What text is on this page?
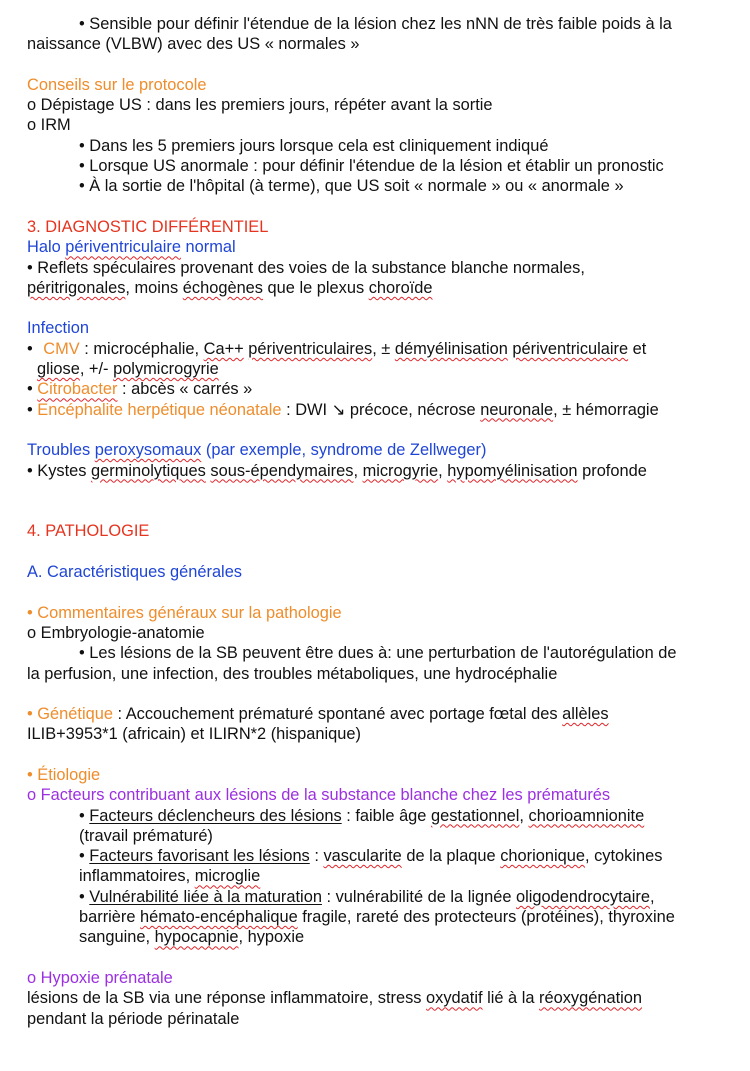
• Sensible pour définir l'étendue de la lésion chez les nNN de très faible poids à la
naissance (VLBW) avec des US « normales »
Conseils sur le protocole
o Dépistage US : dans les premiers jours, répéter avant la sortie
o IRM
• Dans les 5 premiers jours lorsque cela est cliniquement indiqué
• Lorsque US anormale : pour définir l'étendue de la lésion et établir un pronostic
• À la sortie de l'hôpital (à terme), que US soit « normale » ou « anormale »
3. DIAGNOSTIC DIFFÉRENTIEL
Halo périventriculaire normal
• Reflets spéculaires provenant des voies de la substance blanche normales,
péritrigonales, moins échogènes que le plexus choroïde
Infection
• CMV : microcéphalie, Ca++ périventriculaires, ± démyélinisation périventriculaire et
gliose, +/- polymicrogyrie
• Citrobacter : abcès « carrés »
• Encéphalite herpétique néonatale : DWI ↘ précoce, nécrose neuronale, ± hémorragie
Troubles peroxysomaux (par exemple, syndrome de Zellweger)
• Kystes germinolytiques sous-épendymaires, microgyrie, hypomyélinisation profonde
4. PATHOLOGIE
A. Caractéristiques générales
• Commentaires généraux sur la pathologie
o Embryologie-anatomie
• Les lésions de la SB peuvent être dues à: une perturbation de l'autorégulation de
la perfusion, une infection, des troubles métaboliques, une hydrocéphalie
• Génétique : Accouchement prématuré spontané avec portage fœtal des allèles
ILIB+3953*1 (africain) et ILIRN*2 (hispanique)
• Étiologie
o Facteurs contribuant aux lésions de la substance blanche chez les prématurés
• Facteurs déclencheurs des lésions : faible âge gestationnel, chorioamnionite
(travail prématuré)
• Facteurs favorisant les lésions : vascularite de la plaque chorionique, cytokines
inflammatoires, microglie
• Vulnérabilité liée à la maturation : vulnérabilité de la lignée oligodendrocytaire,
barrière hémato-encéphalique fragile, rareté des protecteurs (protéines), thyroxine
sanguine, hypocapnie, hypoxie
o Hypoxie prénatale
lésions de la SB via une réponse inflammatoire, stress oxydatif lié à la réoxygénation
pendant la période périnatale
